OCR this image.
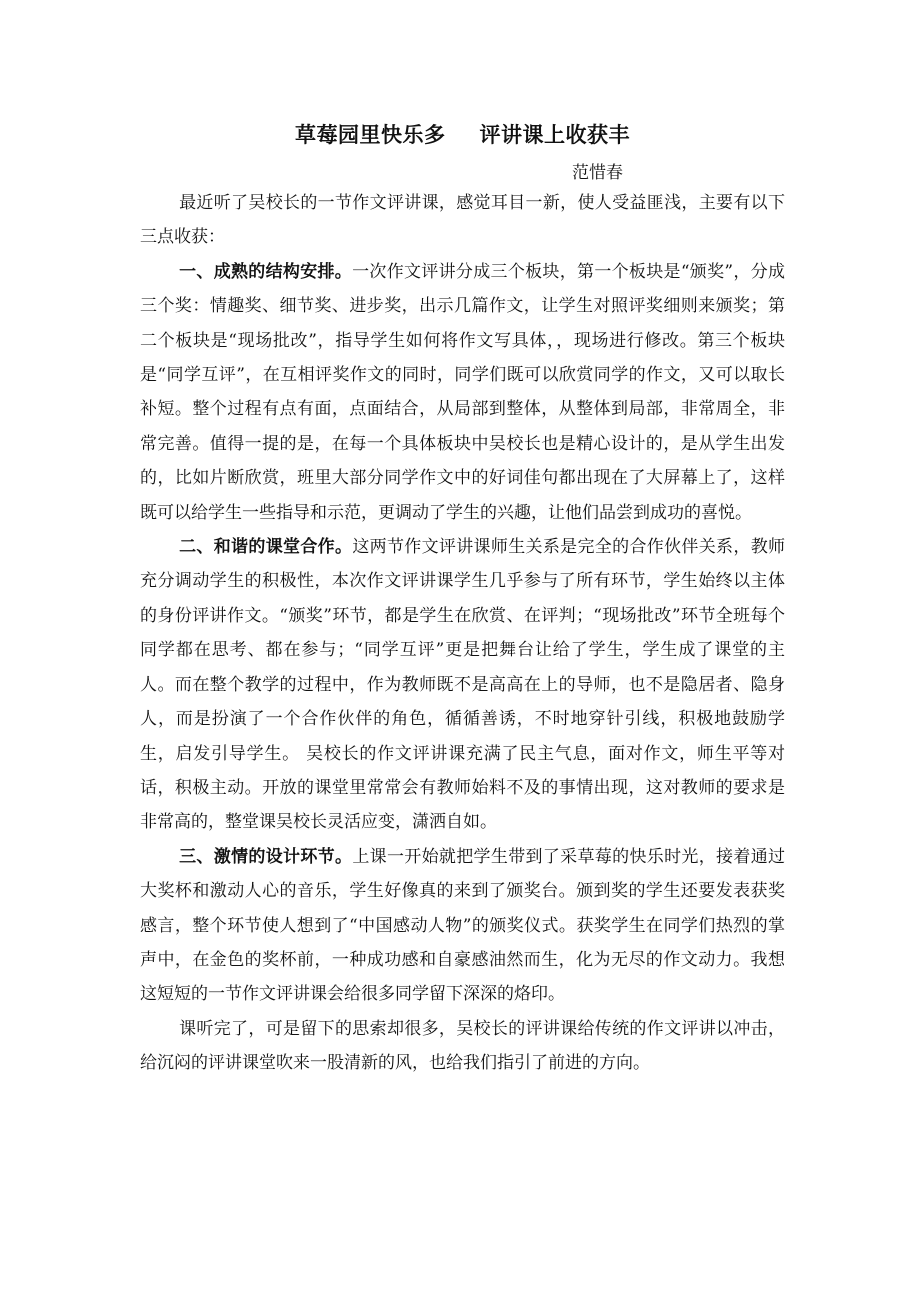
草莓园里快乐多 评讲课上收获丰

范惜春

最近听了吴校长的一节作文评讲课，感觉耳目一新，使人受益匪浅，主要有以下三点收获：

一、成熟的结构安排。一次作文评讲分成三个板块，第一个板块是“颁奖”，分成三个奖：情趣奖、细节奖、进步奖，出示几篇作文，让学生对照评奖细则来颁奖；第二个板块是“现场批改”，指导学生如何将作文写具体，，现场进行修改。第三个板块是“同学互评”，在互相评奖作文的同时，同学们既可以欣赏同学的作文，又可以取长补短。整个过程有点有面，点面结合，从局部到整体，从整体到局部，非常周全，非常完善。值得一提的是，在每一个具体板块中吴校长也是精心设计的，是从学生出发的，比如片断欣赏，班里大部分同学作文中的好词佳句都出现在了大屏幕上了，这样既可以给学生一些指导和示范，更调动了学生的兴趣，让他们品尝到成功的喜悦。

二、和谐的课堂合作。这两节作文评讲课师生关系是完全的合作伙伴关系，教师充分调动学生的积极性，本次作文评讲课学生几乎参与了所有环节，学生始终以主体的身份评讲作文。“颁奖”环节，都是学生在欣赏、在评判；“现场批改”环节全班每个同学都在思考、都在参与；“同学互评”更是把舞台让给了学生，学生成了课堂的主人。而在整个教学的过程中，作为教师既不是高高在上的导师，也不是隐居者、隐身人，而是扮演了一个合作伙伴的角色，循循善诱，不时地穿针引线，积极地鼓励学生，启发引导学生。 吴校长的作文评讲课充满了民主气息，面对作文，师生平等对话，积极主动。开放的课堂里常常会有教师始料不及的事情出现，这对教师的要求是非常高的，整堂课吴校长灵活应变，潇洒自如。

三、激情的设计环节。上课一开始就把学生带到了采草莓的快乐时光，接着通过大奖杯和激动人心的音乐，学生好像真的来到了颁奖台。颁到奖的学生还要发表获奖感言，整个环节使人想到了“中国感动人物”的颁奖仪式。获奖学生在同学们热烈的掌声中，在金色的奖杯前，一种成功感和自豪感油然而生，化为无尽的作文动力。我想这短短的一节作文评讲课会给很多同学留下深深的烙印。

课听完了，可是留下的思索却很多，吴校长的评讲课给传统的作文评讲以冲击，给沉闷的评讲课堂吹来一股清新的风，也给我们指引了前进的方向。
